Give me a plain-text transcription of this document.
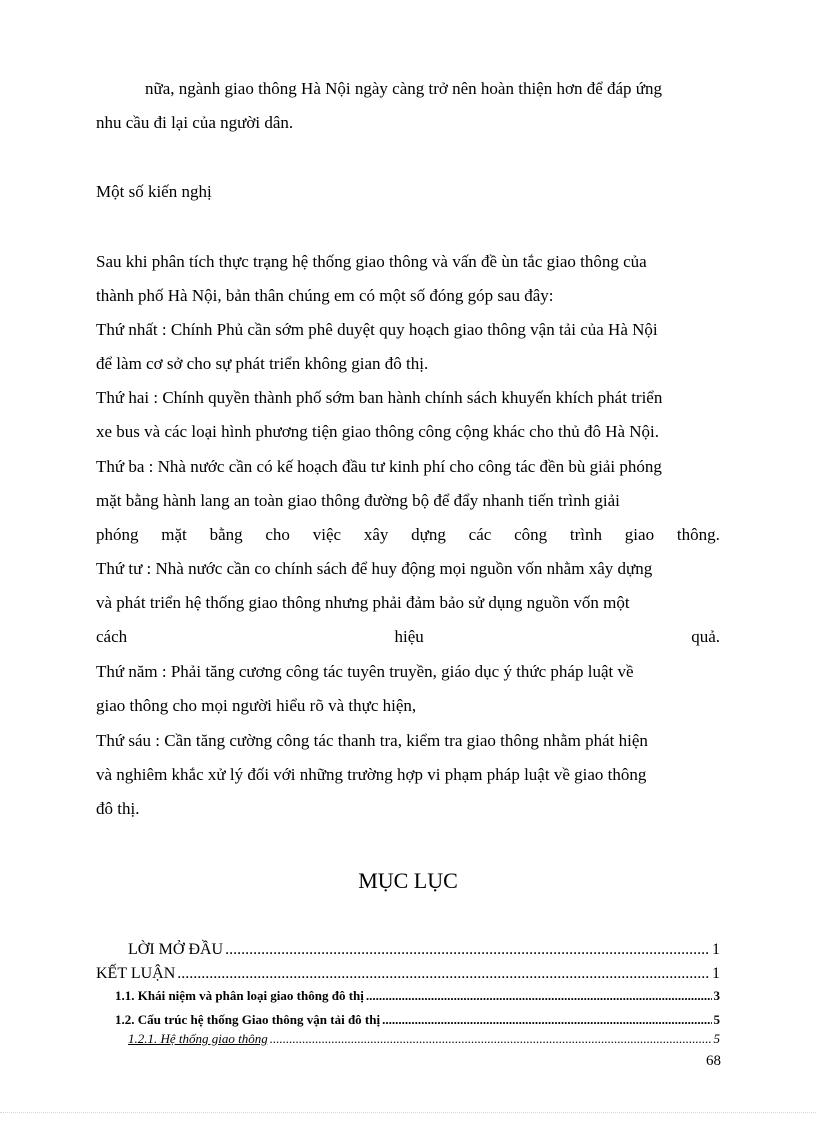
nữa, ngành giao thông Hà Nội ngày càng trở nên hoàn thiện hơn để đáp ứng
nhu cầu đi lại của người dân.
Một số kiến nghị
Sau khi phân tích thực trạng hệ thống giao thông và vấn đề ùn tắc giao thông của
thành phố Hà Nội, bản thân chúng em có một số đóng góp sau đây:
Thứ nhất : Chính Phủ cần sớm phê duyệt quy hoạch giao thông vận tải của Hà Nội
để làm cơ sở cho sự phát triển không gian đô thị.
Thứ hai : Chính quyền thành phố sớm ban hành chính sách khuyến khích phát triển
xe bus và các loại hình phương tiện giao thông công cộng khác cho thủ đô Hà Nội.
Thứ ba : Nhà nước cần có kế hoạch đầu tư kinh phí cho công tác đền bù giải phóng
mặt bằng hành lang an toàn giao thông đường bộ để đẩy nhanh tiến trình giải
phóng mặt bằng cho việc xây dựng các công trình giao thông.
Thứ tư : Nhà nước cần co chính sách để huy động mọi nguồn vốn nhằm xây dựng
và phát triển hệ thống giao thông nhưng phải đảm bảo sử dụng nguồn vốn một
cách	hiệu	quả.
Thứ năm : Phải tăng cương công tác tuyên truyền, giáo dục ý thức pháp luật về
giao thông cho mọi người hiểu rõ và thực hiện,
Thứ sáu : Cần tăng cường công tác thanh tra, kiểm tra giao thông nhằm phát hiện
và nghiêm khắc xử lý đối với những trường hợp vi phạm pháp luật về giao thông
đô thị.
MỤC LỤC
LỜI MỞ ĐẦU .....	1
KẾT LUẬN .....	1
1.1. Khái niệm và phân loại giao thông đô thị .....	3
1.2. Cấu trúc hệ thống Giao thông vận tải đô thị .....	5
1.2.1. Hệ thống giao thông .....	5
68
